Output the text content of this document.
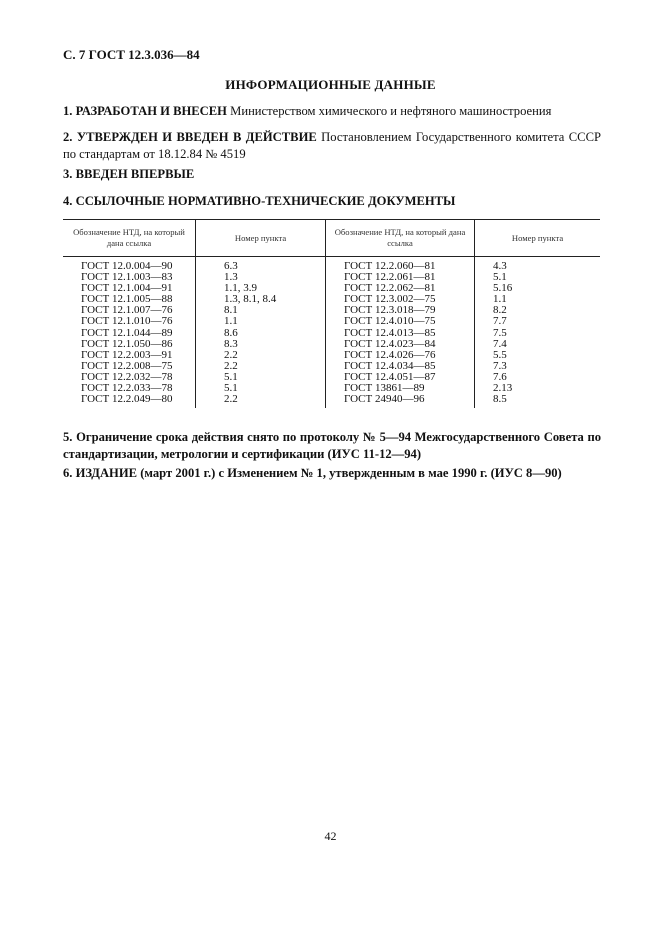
С. 7 ГОСТ 12.3.036—84
ИНФОРМАЦИОННЫЕ ДАННЫЕ
1. РАЗРАБОТАН И ВНЕСЕН Министерством химического и нефтяного машиностроения
2. УТВЕРЖДЕН И ВВЕДЕН В ДЕЙСТВИЕ Постановлением Государственного комитета СССР по стандартам от 18.12.84 № 4519
3. ВВЕДЕН ВПЕРВЫЕ
4. ССЫЛОЧНЫЕ НОРМАТИВНО-ТЕХНИЧЕСКИЕ ДОКУМЕНТЫ
Обозначение НТД, на который дана ссылка	Номер пункта	Обозначение НТД, на который дана ссылка	Номер пункта

ГОСТ 12.0.004—90	6.3	ГОСТ 12.2.060—81	4.3
ГОСТ 12.1.003—83	1.3	ГОСТ 12.2.061—81	5.1
ГОСТ 12.1.004—91	1.1, 3.9	ГОСТ 12.2.062—81	5.16
ГОСТ 12.1.005—88	1.3, 8.1, 8.4	ГОСТ 12.3.002—75	1.1
ГОСТ 12.1.007—76	8.1	ГОСТ 12.3.018—79	8.2
ГОСТ 12.1.010—76	1.1	ГОСТ 12.4.010—75	7.7
ГОСТ 12.1.044—89	8.6	ГОСТ 12.4.013—85	7.5
ГОСТ 12.1.050—86	8.3	ГОСТ 12.4.023—84	7.4
ГОСТ 12.2.003—91	2.2	ГОСТ 12.4.026—76	5.5
ГОСТ 12.2.008—75	2.2	ГОСТ 12.4.034—85	7.3
ГОСТ 12.2.032—78	5.1	ГОСТ 12.4.051—87	7.6
ГОСТ 12.2.033—78	5.1	ГОСТ 13861—89	2.13
ГОСТ 12.2.049—80	2.2	ГОСТ 24940—96	8.5
5. Ограничение срока действия снято по протоколу № 5—94 Межгосударственного Совета по стандартизации, метрологии и сертификации (ИУС 11-12—94)
6. ИЗДАНИЕ (март 2001 г.) с Изменением № 1, утвержденным в мае 1990 г. (ИУС 8—90)
42
